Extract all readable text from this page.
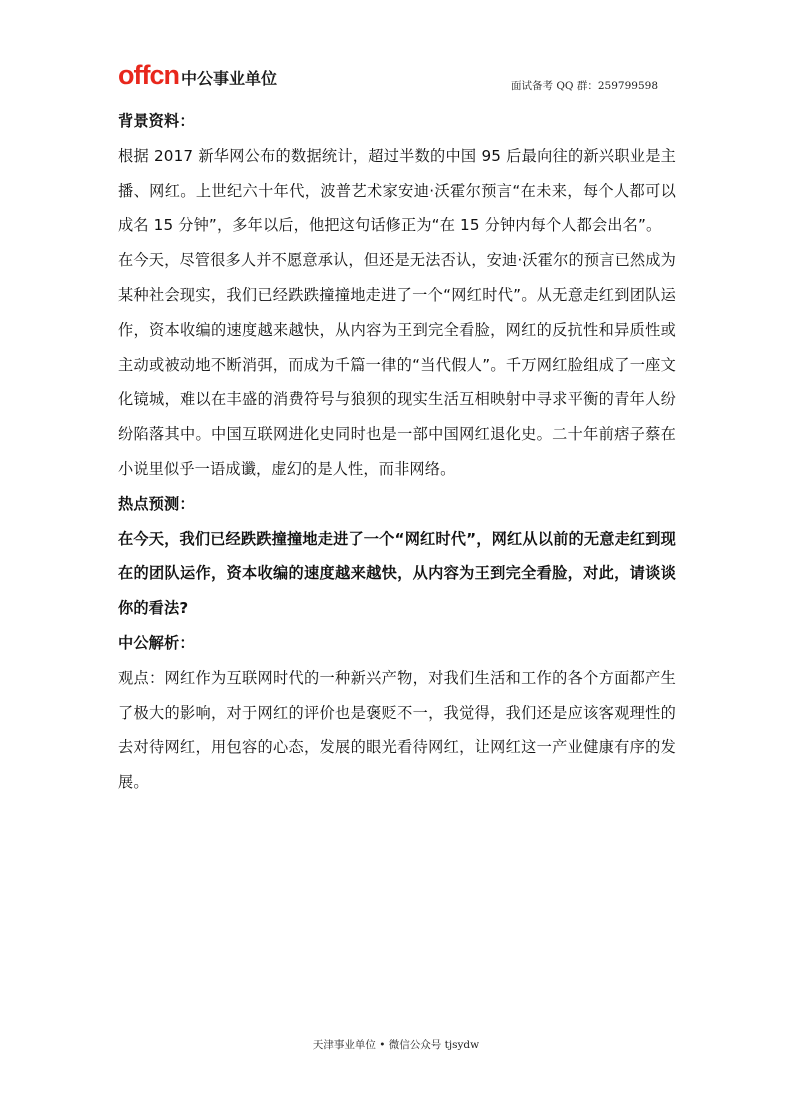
offcn 中公事业单位	面试备考 QQ 群：259799598

背景资料：

根据 2017 新华网公布的数据统计，超过半数的中国 95 后最向往的新兴职业是主播、网红。上世纪六十年代，波普艺术家安迪·沃霍尔预言“在未来，每个人都可以成名 15 分钟”，多年以后，他把这句话修正为“在 15 分钟内每个人都会出名”。

在今天，尽管很多人并不愿意承认，但还是无法否认，安迪·沃霍尔的预言已然成为某种社会现实，我们已经跌跌撞撞地走进了一个“网红时代”。从无意走红到团队运作，资本收编的速度越来越快，从内容为王到完全看脸，网红的反抗性和异质性或主动或被动地不断消弭，而成为千篇一律的“当代假人”。千万网红脸组成了一座文化镜城，难以在丰盛的消费符号与狼狈的现实生活互相映射中寻求平衡的青年人纷纷陷落其中。中国互联网进化史同时也是一部中国网红退化史。二十年前痞子蔡在小说里似乎一语成谶，虚幻的是人性，而非网络。

热点预测：

在今天，我们已经跌跌撞撞地走进了一个“网红时代”，网红从以前的无意走红到现在的团队运作，资本收编的速度越来越快，从内容为王到完全看脸，对此，请谈谈你的看法?

中公解析：

观点：网红作为互联网时代的一种新兴产物，对我们生活和工作的各个方面都产生了极大的影响，对于网红的评价也是褒贬不一，我觉得，我们还是应该客观理性的去对待网红，用包容的心态，发展的眼光看待网红，让网红这一产业健康有序的发展。

天津事业单位 • 微信公众号 tjsydw
